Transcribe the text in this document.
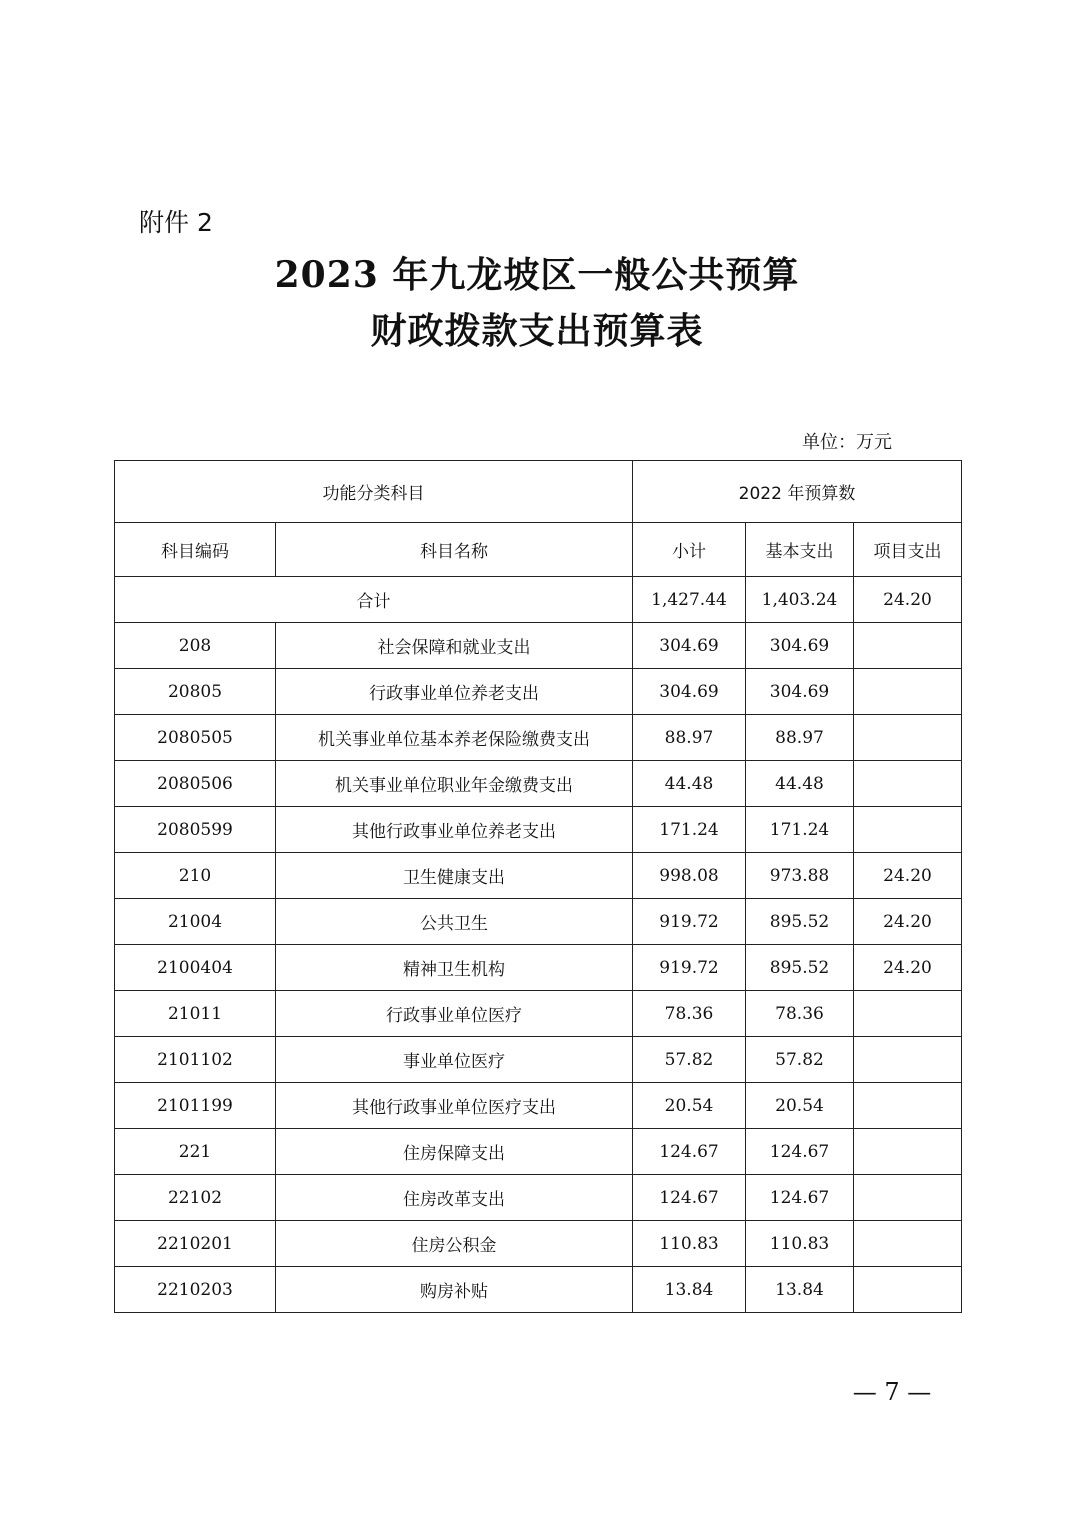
附件 2
2023 年九龙坡区一般公共预算
财政拨款支出预算表
单位：万元
功能分类科目		2022 年预算数		
科目编码	科目名称	小计	基本支出	项目支出
合计		1,427.44	1,403.24	24.20
208	社会保障和就业支出	304.69	304.69	
20805	行政事业单位养老支出	304.69	304.69	
2080505	机关事业单位基本养老保险缴费支出	88.97	88.97	
2080506	机关事业单位职业年金缴费支出	44.48	44.48	
2080599	其他行政事业单位养老支出	171.24	171.24	
210	卫生健康支出	998.08	973.88	24.20
21004	公共卫生	919.72	895.52	24.20
2100404	精神卫生机构	919.72	895.52	24.20
21011	行政事业单位医疗	78.36	78.36	
2101102	事业单位医疗	57.82	57.82	
2101199	其他行政事业单位医疗支出	20.54	20.54	
221	住房保障支出	124.67	124.67	
22102	住房改革支出	124.67	124.67	
2210201	住房公积金	110.83	110.83	
2210203	购房补贴	13.84	13.84	
— 7 —
